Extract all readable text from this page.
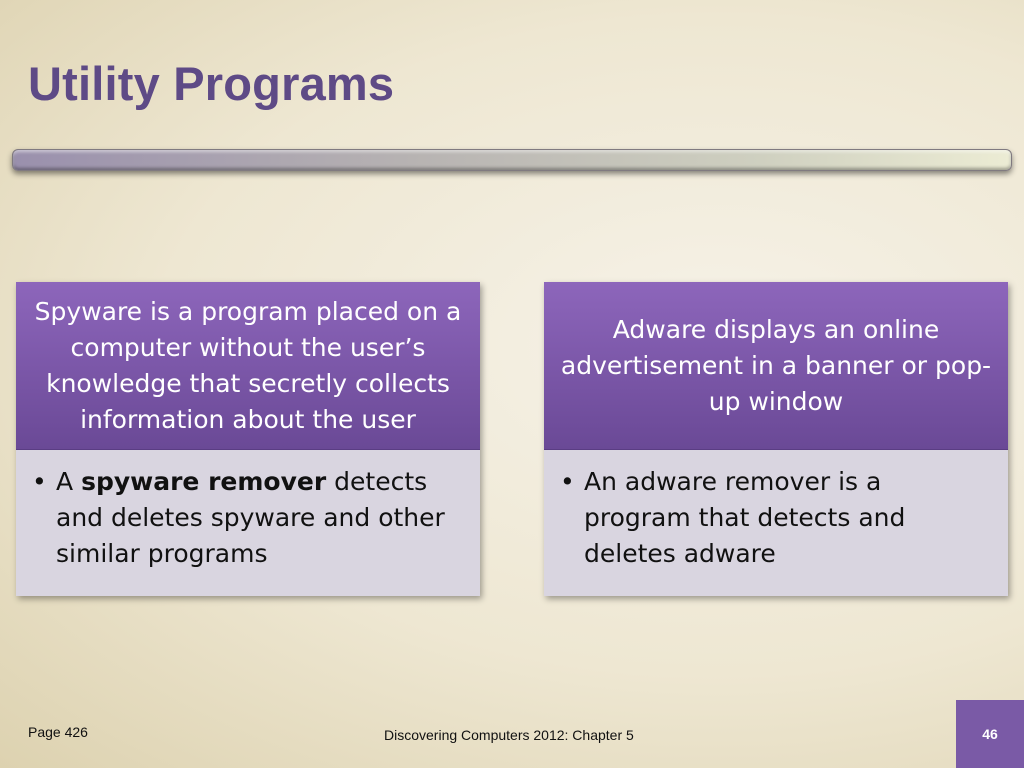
Utility Programs
Spyware is a program placed on a computer without the user’s knowledge that secretly collects information about the user
• A spyware remover detects and deletes spyware and other similar programs
Adware displays an online advertisement in a banner or pop-up window
• An adware remover is a program that detects and deletes adware
Page 426	Discovering Computers 2012: Chapter 5	46
